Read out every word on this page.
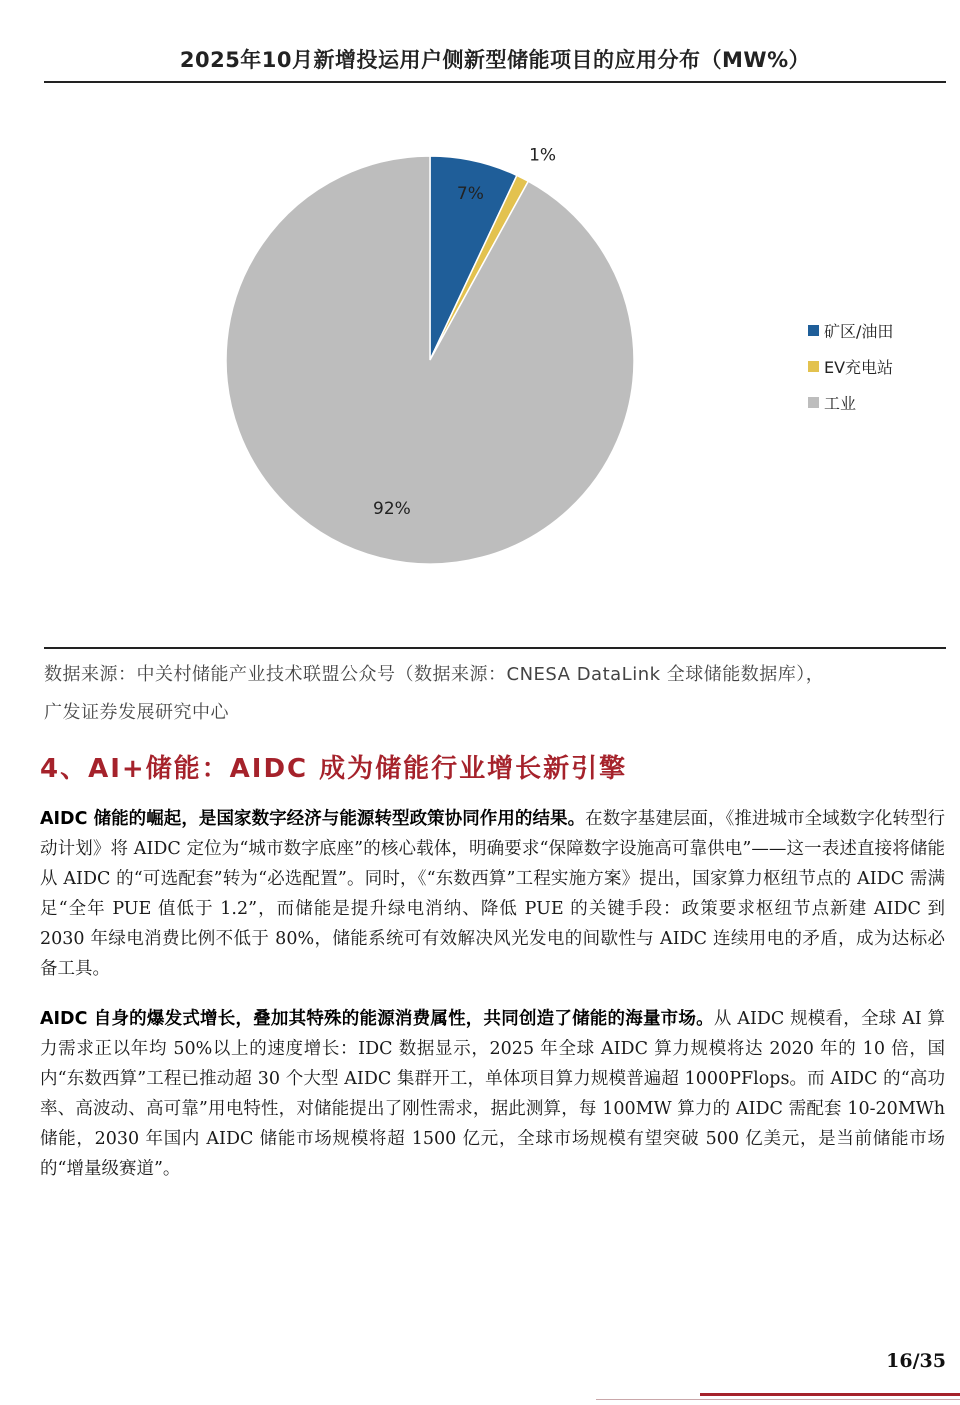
2025年10月新增投运用户侧新型储能项目的应用分布（MW%）
7%
1%
92%
矿区/油田
EV充电站
工业
数据来源：中关村储能产业技术联盟公众号（数据来源：CNESA DataLink 全球储能数据库），
广发证券发展研究中心
4、AI+储能：AIDC 成为储能行业增长新引擎
AIDC 储能的崛起，是国家数字经济与能源转型政策协同作用的结果。在数字基建层面，《推进城市全域数字化转型行动计划》将 AIDC 定位为“城市数字底座”的核心载体，明确要求“保障数字设施高可靠供电”——这一表述直接将储能从 AIDC 的“可选配套”转为“必选配置”。同时，《“东数西算”工程实施方案》提出，国家算力枢纽节点的 AIDC 需满足“全年 PUE 值低于 1.2”，而储能是提升绿电消纳、降低 PUE 的关键手段：政策要求枢纽节点新建 AIDC 到 2030 年绿电消费比例不低于 80%，储能系统可有效解决风光发电的间歇性与 AIDC 连续用电的矛盾，成为达标必备工具。
AIDC 自身的爆发式增长，叠加其特殊的能源消费属性，共同创造了储能的海量市场。从 AIDC 规模看，全球 AI 算力需求正以年均 50%以上的速度增长：IDC 数据显示，2025 年全球 AIDC 算力规模将达 2020 年的 10 倍，国内“东数西算”工程已推动超 30 个大型 AIDC 集群开工，单体项目算力规模普遍超 1000PFlops。而 AIDC 的“高功率、高波动、高可靠”用电特性，对储能提出了刚性需求，据此测算，每 100MW 算力的 AIDC 需配套 10-20MWh 储能，2030 年国内 AIDC 储能市场规模将超 1500 亿元，全球市场规模有望突破 500 亿美元，是当前储能市场的“增量级赛道”。
16/35
